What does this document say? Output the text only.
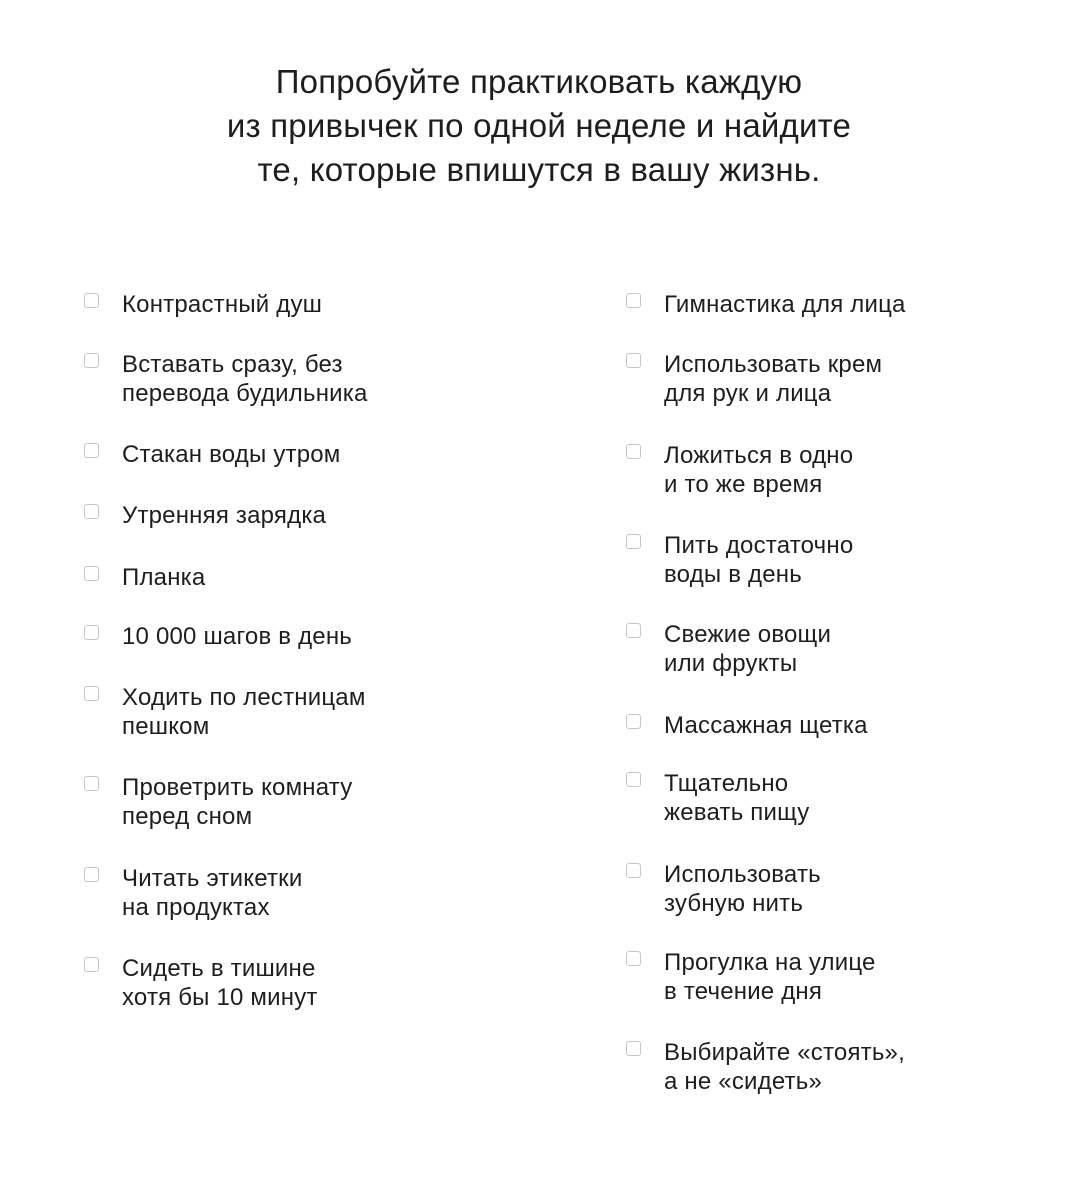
Попробуйте практиковать каждую
из привычек по одной неделе и найдите
те, которые впишутся в вашу жизнь.
Контрастный душ
Вставать сразу, без
перевода будильника
Стакан воды утром
Утренняя зарядка
Планка
10 000 шагов в день
Ходить по лестницам
пешком
Проветрить комнату
перед сном
Читать этикетки
на продуктах
Сидеть в тишине
хотя бы 10 минут
Гимнастика для лица
Использовать крем
для рук и лица
Ложиться в одно
и то же время
Пить достаточно
воды в день
Свежие овощи
или фрукты
Массажная щетка
Тщательно
жевать пищу
Использовать
зубную нить
Прогулка на улице
в течение дня
Выбирайте «стоять»,
а не «сидеть»
